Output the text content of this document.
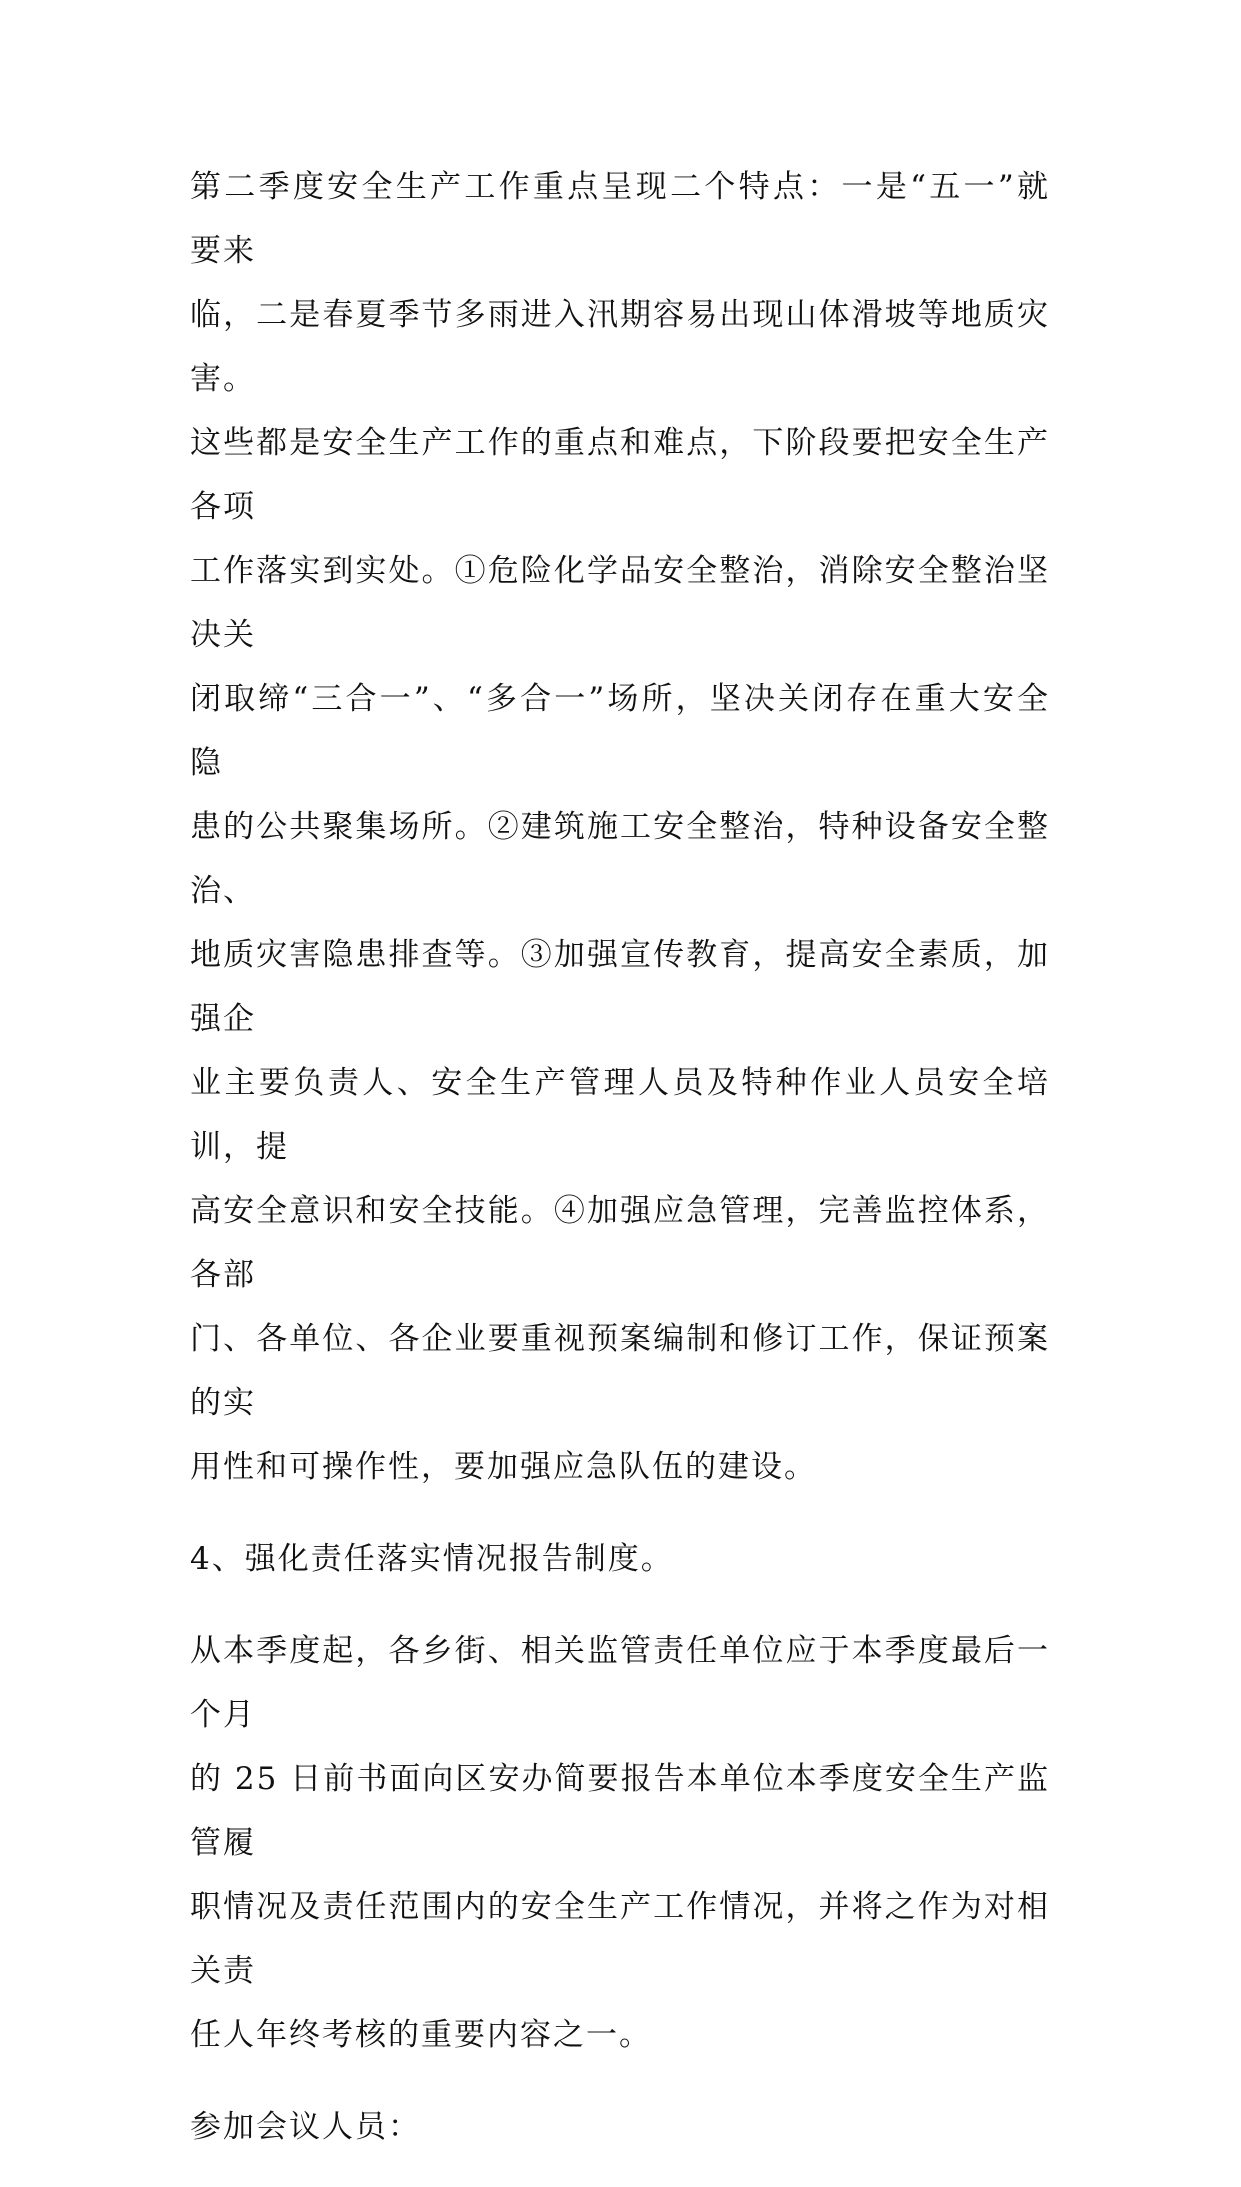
第二季度安全生产工作重点呈现二个特点：一是“五一”就要来
临，二是春夏季节多雨进入汛期容易出现山体滑坡等地质灾害。
这些都是安全生产工作的重点和难点，下阶段要把安全生产各项
工作落实到实处。①危险化学品安全整治，消除安全整治坚决关
闭取缔“三合一”、“多合一”场所，坚决关闭存在重大安全隐
患的公共聚集场所。②建筑施工安全整治，特种设备安全整治、
地质灾害隐患排查等。③加强宣传教育，提高安全素质，加强企
业主要负责人、安全生产管理人员及特种作业人员安全培训，提
高安全意识和安全技能。④加强应急管理，完善监控体系，各部
门、各单位、各企业要重视预案编制和修订工作，保证预案的实
用性和可操作性，要加强应急队伍的建设。
4、强化责任落实情况报告制度。
从本季度起，各乡街、相关监管责任单位应于本季度最后一个月
的 25 日前书面向区安办简要报告本单位本季度安全生产监管履
职情况及责任范围内的安全生产工作情况，并将之作为对相关责
任人年终考核的重要内容之一。
参加会议人员：
